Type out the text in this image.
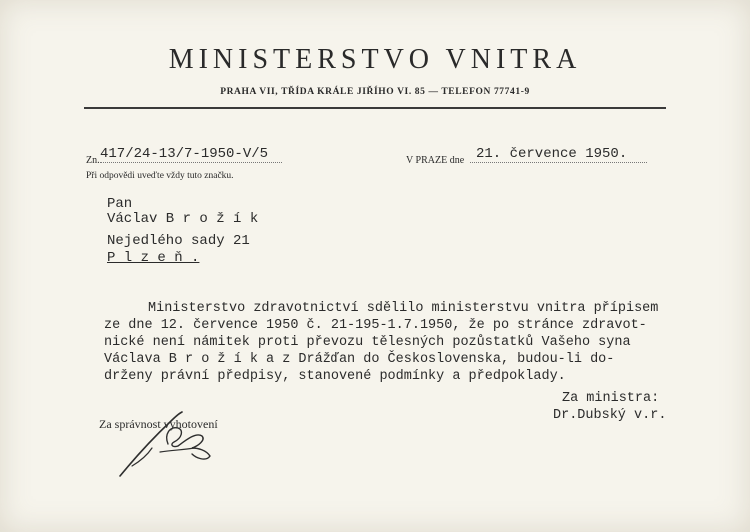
MINISTERSTVO VNITRA
PRAHA VII, TŘÍDA KRÁLE JIŘÍHO VI. 85 — TELEFON 77741-9
Zn. 417/24-13/7-1950-V/5
Při odpovědi uveďte vždy tuto značku.
V PRAZE dne 21. července 1950.
Pan
Václav B r o ž í k
Nejedlého sady 21
P l z e ň .
Ministerstvo zdravotnictví sdělilo ministerstvu vnitra přípisem
ze dne 12. července 1950 č. 21-195-1.7.1950, že po stránce zdravot-
nické není námitek proti převozu tělesných pozůstatků Vašeho syna
Václava B r o ž í k a z Drážďan do Československa, budou-li do-
drženy právní předpisy, stanovené podmínky a předpoklady.
Za ministra:
Dr.Dubský v.r.
Za správnost vyhotovení
